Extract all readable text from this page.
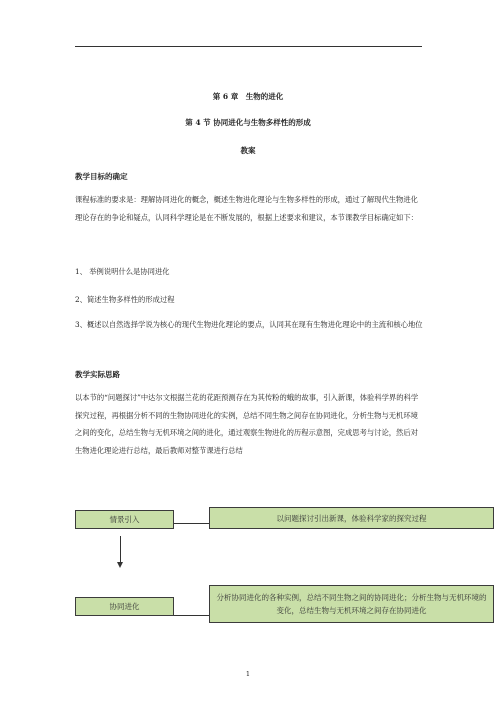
第 6 章　生物的进化
第 4 节 协同进化与生物多样性的形成
教案
教学目标的确定

课程标准的要求是：理解协同进化的概念，概述生物进化理论与生物多样性的形成，通过了解现代生物进化理论存在的争论和疑点，认同科学理论是在不断发展的，根据上述要求和建议，本节课教学目标确定如下：

1、 举例说明什么是协同进化
2、简述生物多样性的形成过程

3、概述以自然选择学说为核心的现代生物进化理论的要点，认同其在现有生物进化理论中的主流和核心地位

教学实际思路

以本节的“问题探讨”中达尔文根据兰花的花距预测存在为其传粉的蛾的故事，引入新课，体验科学界的科学探究过程，再根据分析不同的生物协同进化的实例，总结不同生物之间存在协同进化，分析生物与无机环境之间的变化，总结生物与无机环境之间的进化，通过观察生物进化的历程示意图，完成思考与讨论，然后对生物进化理论进行总结，最后教师对整节课进行总结

情景引入	以问题探讨引出新课，体验科学家的探究过程
协同进化
分析协同进化的各种实例，总结不同生物之间的协同进化；分析生物与无机环境的变化，总结生物与无机环境之间存在协同进化
1
